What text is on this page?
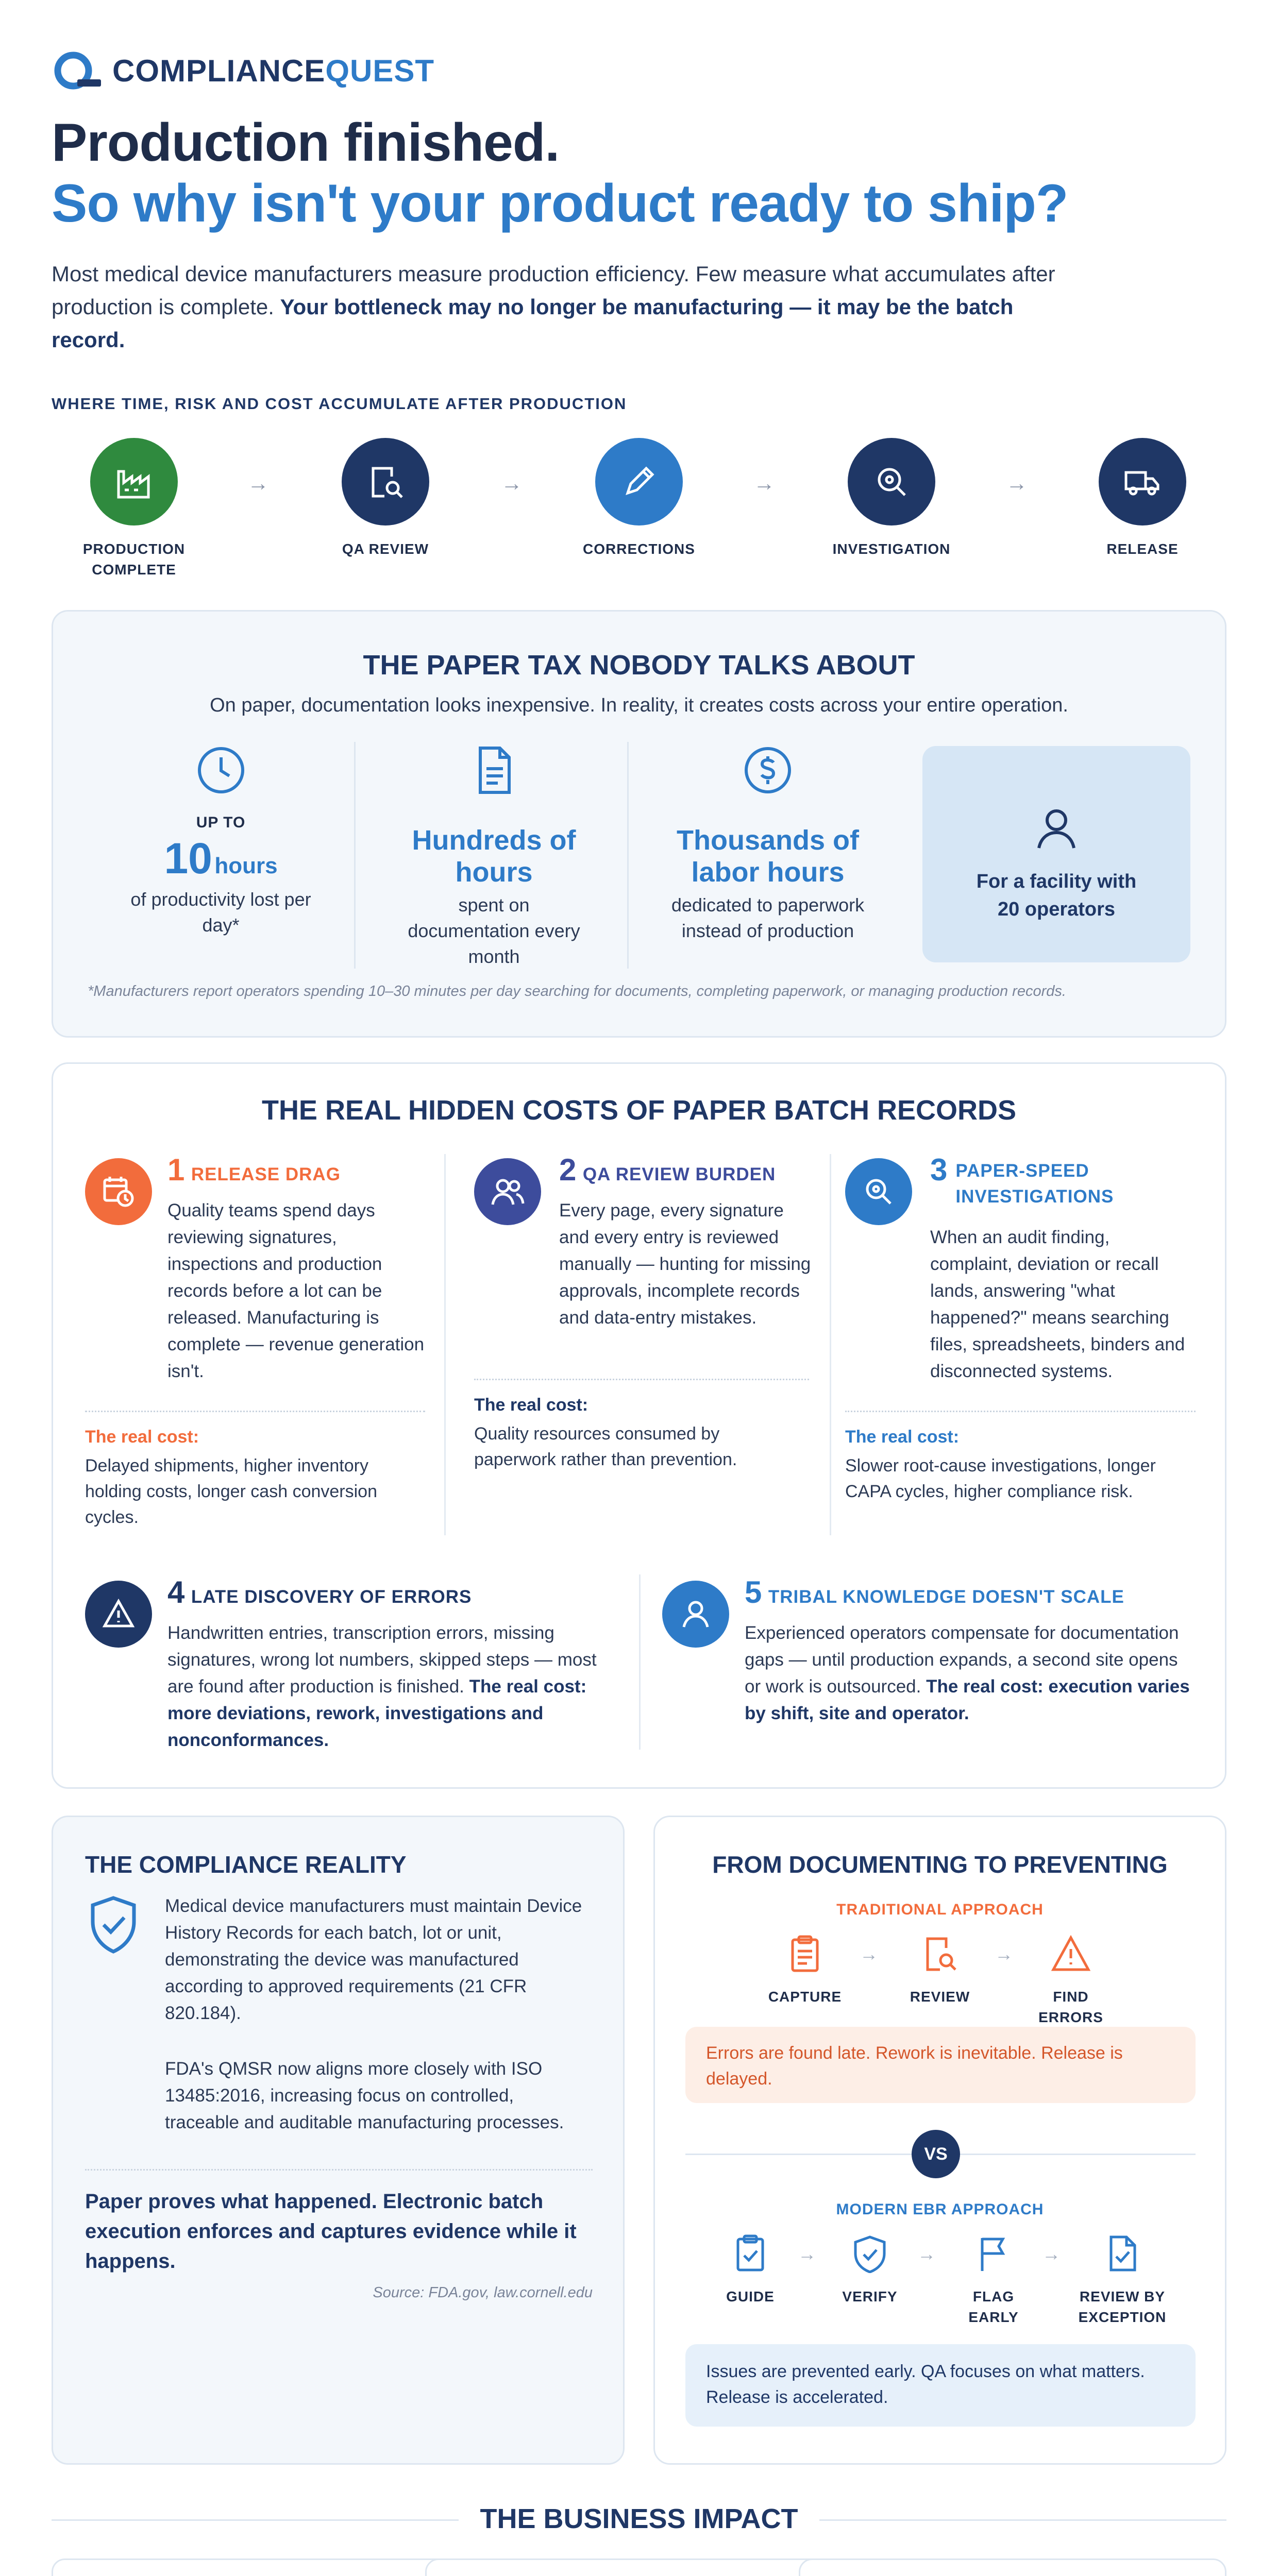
COMPLIANCEQUEST
Production finished.
So why isn't your product ready to ship?
Most medical device manufacturers measure production efficiency. Few measure what accumulates after production is complete. Your bottleneck may no longer be manufacturing — it may be the batch record.
WHERE TIME, RISK AND COST ACCUMULATE AFTER PRODUCTION
PRODUCTION COMPLETE
→
QA REVIEW
→
CORRECTIONS
→
INVESTIGATION
→
RELEASE
THE PAPER TAX NOBODY TALKS ABOUT
On paper, documentation looks inexpensive. In reality, it creates costs across your entire operation.
UP TO
10 hours
of productivity lost per day*
Hundreds of hours
spent on documentation every month
Thousands of labor hours
dedicated to paperwork instead of production
For a facility with 20 operators
*Manufacturers report operators spending 10–30 minutes per day searching for documents, completing paperwork, or managing production records.
THE REAL HIDDEN COSTS OF PAPER BATCH RECORDS
1 RELEASE DRAG
Quality teams spend days reviewing signatures, inspections and production records before a lot can be released. Manufacturing is complete — revenue generation isn't.
The real cost:
Delayed shipments, higher inventory holding costs, longer cash conversion cycles.
2 QA REVIEW BURDEN
Every page, every signature and every entry is reviewed manually — hunting for missing approvals, incomplete records and data-entry mistakes.
The real cost:
Quality resources consumed by paperwork rather than prevention.
3 PAPER-SPEED INVESTIGATIONS
When an audit finding, complaint, deviation or recall lands, answering "what happened?" means searching files, spreadsheets, binders and disconnected systems.
The real cost:
Slower root-cause investigations, longer CAPA cycles, higher compliance risk.
4 LATE DISCOVERY OF ERRORS
Handwritten entries, transcription errors, missing signatures, wrong lot numbers, skipped steps — most are found after production is finished. The real cost: more deviations, rework, investigations and nonconformances.
5 TRIBAL KNOWLEDGE DOESN'T SCALE
Experienced operators compensate for documentation gaps — until production expands, a second site opens or work is outsourced. The real cost: execution varies by shift, site and operator.
THE COMPLIANCE REALITY
Medical device manufacturers must maintain Device History Records for each batch, lot or unit, demonstrating the device was manufactured according to approved requirements (21 CFR 820.184).
FDA's QMSR now aligns more closely with ISO 13485:2016, increasing focus on controlled, traceable and auditable manufacturing processes.
Paper proves what happened. Electronic batch execution enforces and captures evidence while it happens.
Source: FDA.gov, law.cornell.edu
FROM DOCUMENTING TO PREVENTING
TRADITIONAL APPROACH
CAPTURE
→
REVIEW
→
FIND ERRORS
Errors are found late. Rework is inevitable. Release is delayed.
VS
MODERN EBR APPROACH
GUIDE
→
VERIFY
→
FLAG EARLY
→
REVIEW BY EXCEPTION
Issues are prevented early. QA focuses on what matters. Release is accelerated.
THE BUSINESS IMPACT
